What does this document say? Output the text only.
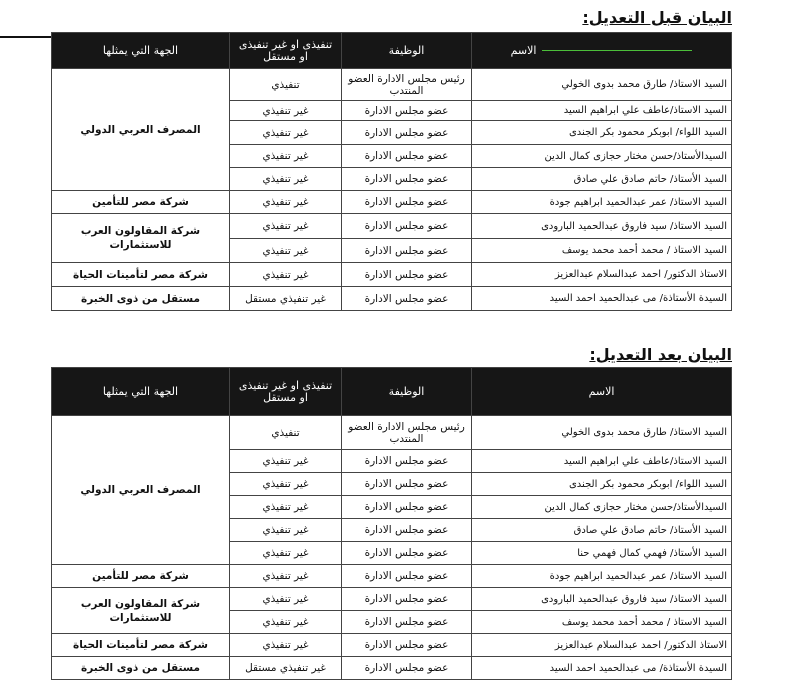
البيان قبل التعديل:
الاسم	الوظيفة	تنفيذى او غير تنفيذى او مستقل	الجهة التي يمثلها
السيد الاستاذ/ طارق محمد بدوى الخولي	رئيس مجلس الادارة العضو المنتدب	تنفيذي	المصرف العربي الدولي
السيد الاستاذ/عاطف علي ابراهيم السيد	عضو مجلس الادارة	غير تنفيذي	
السيد اللواء/ ابوبكر محمود بكر الجندى	عضو مجلس الادارة	غير تنفيذي	
السيدالأستاذ/حسن مختار حجازى كمال الدين	عضو مجلس الادارة	غير تنفيذي	
السيد الأستاذ/ حاتم صادق علي صادق	عضو مجلس الادارة	غير تنفيذي	
السيد الاستاذ/ عمر عبدالحميد ابراهيم جودة	عضو مجلس الادارة	غير تنفيذي	شركة مصر للتأمين
السيد الاستاذ/ سيد فاروق عبدالحميد البارودى	عضو مجلس الادارة	غير تنفيذي	شركة المقاولون العرب للاستثمارات
السيد الاستاذ / محمد أحمد محمد يوسف	عضو مجلس الادارة	غير تنفيذي	
الاستاذ الدكتور/ احمد عبدالسلام عبدالعزيز	عضو مجلس الادارة	غير تنفيذي	شركة مصر لتأمينات الحياة
السيدة الأستاذة/ مى عبدالحميد احمد السيد	عضو مجلس الادارة	غير تنفيذي مستقل	مستقل من ذوى الخبرة
البيان بعد التعديل:
الاسم	الوظيفة	تنفيذى او غير تنفيذى او مستقل	الجهة التي يمثلها
السيد الاستاذ/ طارق محمد بدوى الخولي	رئيس مجلس الادارة العضو المنتدب	تنفيذي	المصرف العربي الدولي
السيد الاستاذ/عاطف علي ابراهيم السيد	عضو مجلس الادارة	غير تنفيذي	
السيد اللواء/ ابوبكر محمود بكر الجندى	عضو مجلس الادارة	غير تنفيذي	
السيدالأستاذ/حسن مختار حجازى كمال الدين	عضو مجلس الادارة	غير تنفيذي	
السيد الأستاذ/ حاتم صادق علي صادق	عضو مجلس الادارة	غير تنفيذي	
السيد الأستاذ/ فهمي كمال فهمي حنا	عضو مجلس الادارة	غير تنفيذي	
السيد الاستاذ/ عمر عبدالحميد ابراهيم جودة	عضو مجلس الادارة	غير تنفيذي	شركة مصر للتأمين
السيد الاستاذ/ سيد فاروق عبدالحميد البارودى	عضو مجلس الادارة	غير تنفيذي	شركة المقاولون العرب للاستثمارات
السيد الاستاذ / محمد أحمد محمد يوسف	عضو مجلس الادارة	غير تنفيذي	
الاستاذ الدكتور/ احمد عبدالسلام عبدالعزيز	عضو مجلس الادارة	غير تنفيذي	شركة مصر لتأمينات الحياة
السيدة الأستاذة/ مى عبدالحميد احمد السيد	عضو مجلس الادارة	غير تنفيذي مستقل	مستقل من ذوى الخبرة
